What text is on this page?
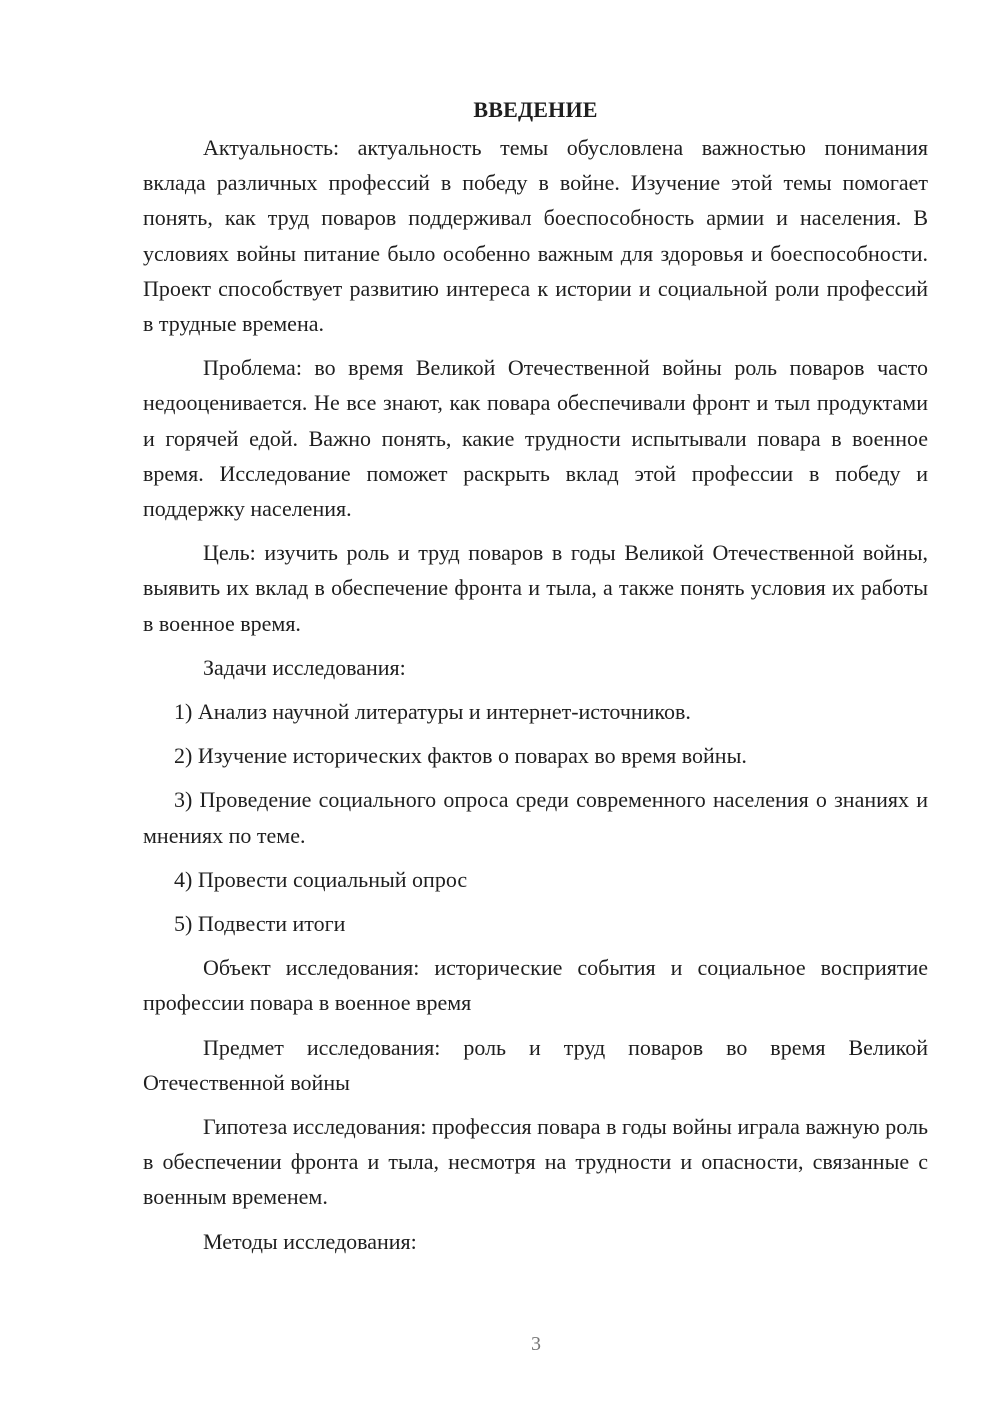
ВВЕДЕНИЕ

Актуальность: актуальность темы обусловлена важностью понимания вклада различных профессий в победу в войне. Изучение этой темы помогает понять, как труд поваров поддерживал боеспособность армии и населения. В условиях войны питание было особенно важным для здоровья и боеспособности. Проект способствует развитию интереса к истории и социальной роли профессий в трудные времена.

Проблема: во время Великой Отечественной войны роль поваров часто недооценивается. Не все знают, как повара обеспечивали фронт и тыл продуктами и горячей едой. Важно понять, какие трудности испытывали повара в военное время. Исследование поможет раскрыть вклад этой профессии в победу и поддержку населения.

Цель: изучить роль и труд поваров в годы Великой Отечественной войны, выявить их вклад в обеспечение фронта и тыла, а также понять условия их работы в военное время.

Задачи исследования:

1) Анализ научной литературы и интернет-источников.

2) Изучение исторических фактов о поварах во время войны.

3) Проведение социального опроса среди современного населения о знаниях и мнениях по теме.

4) Провести социальный опрос

5) Подвести итоги

Объект исследования: исторические события и социальное восприятие профессии повара в военное время

Предмет исследования: роль и труд поваров во время Великой Отечественной войны

Гипотеза исследования: профессия повара в годы войны играла важную роль в обеспечении фронта и тыла, несмотря на трудности и опасности, связанные с военным временем.

Методы исследования:

3
